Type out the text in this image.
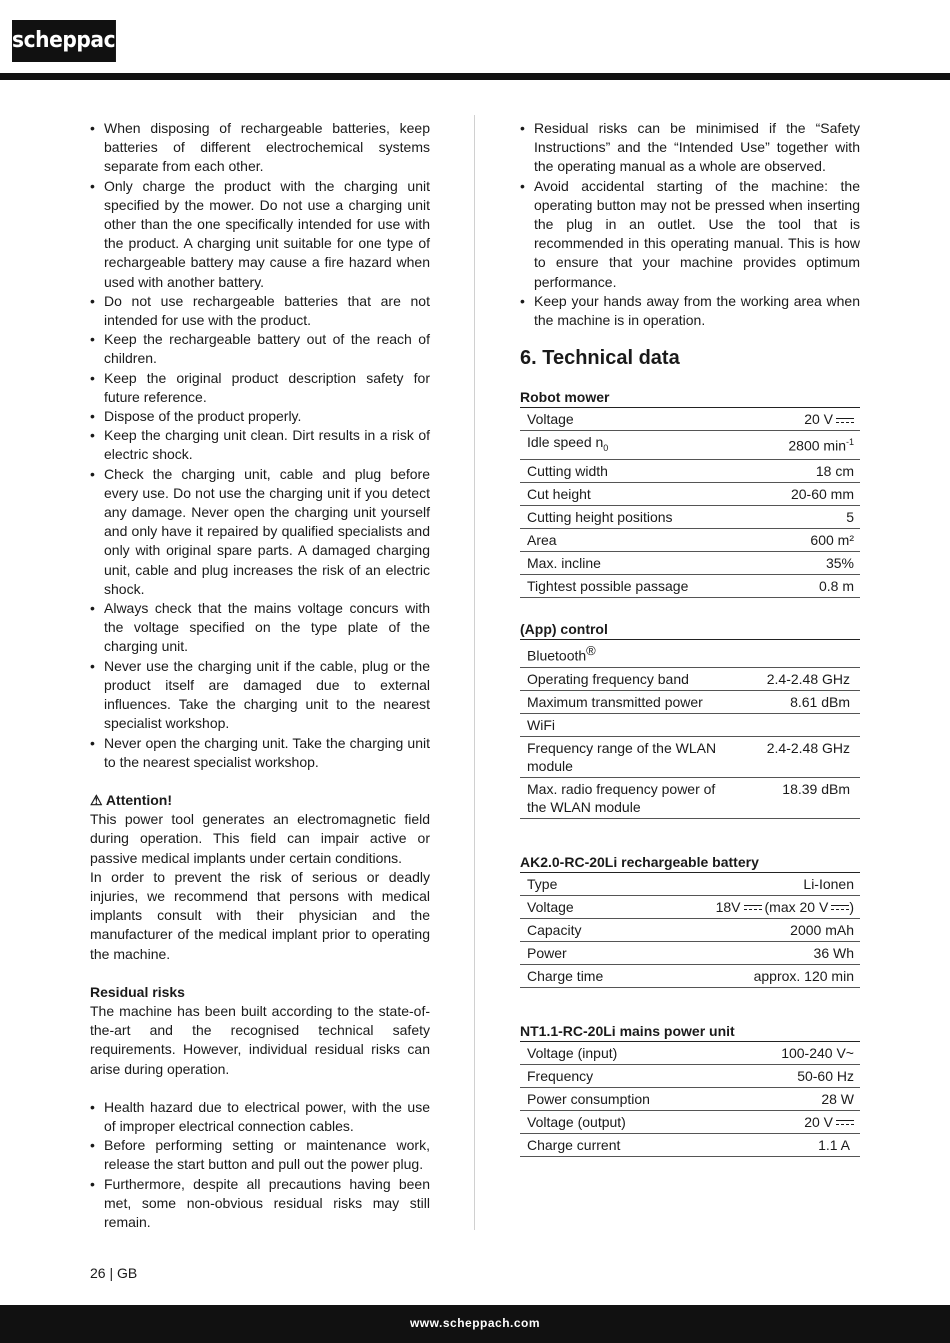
scheppach
• When disposing of rechargeable batteries, keep batteries of different electrochemical systems separate from each other.
• Only charge the product with the charging unit specified by the mower. Do not use a charging unit other than the one specifically intended for use with the product. A charging unit suitable for one type of rechargeable battery may cause a fire hazard when used with another battery.
• Do not use rechargeable batteries that are not intended for use with the product.
• Keep the rechargeable battery out of the reach of children.
• Keep the original product description safety for future reference.
• Dispose of the product properly.
• Keep the charging unit clean. Dirt results in a risk of electric shock.
• Check the charging unit, cable and plug before every use. Do not use the charging unit if you detect any damage. Never open the charging unit yourself and only have it repaired by qualified specialists and only with original spare parts. A damaged charging unit, cable and plug increases the risk of an electric shock.
• Always check that the mains voltage concurs with the voltage specified on the type plate of the charging unit.
• Never use the charging unit if the cable, plug or the product itself are damaged due to external influences. Take the charging unit to the nearest specialist workshop.
• Never open the charging unit. Take the charging unit to the nearest specialist workshop.
⚠ Attention!
This power tool generates an electromagnetic field during operation. This field can impair active or passive medical implants under certain conditions.
In order to prevent the risk of serious or deadly injuries, we recommend that persons with medical implants consult with their physician and the manufacturer of the medical implant prior to operating the machine.
Residual risks
The machine has been built according to the state-of-the-art and the recognised technical safety requirements. However, individual residual risks can arise during operation.
• Health hazard due to electrical power, with the use of improper electrical connection cables.
• Before performing setting or maintenance work, release the start button and pull out the power plug.
• Furthermore, despite all precautions having been met, some non-obvious residual risks may still remain.
• Residual risks can be minimised if the “Safety Instructions” and the “Intended Use” together with the operating manual as a whole are observed.
• Avoid accidental starting of the machine: the operating button may not be pressed when inserting the plug in an outlet. Use the tool that is recommended in this operating manual. This is how to ensure that your machine provides optimum performance.
• Keep your hands away from the working area when the machine is in operation.
6. Technical data
Robot mower
Voltage	20 V
Idle speed $n_0$	2800 $\min^{-1}$
Cutting width	18 cm
Cut height	20-60 mm
Cutting height positions	5
Area	600 m²
Max. incline	35%
Tightest possible passage	0.8 m
(App) control
Bluetooth®
Operating frequency band	2.4-2.48 GHz
Maximum transmitted power	8.61 dBm
WiFi	
Frequency range of the WLAN module	2.4-2.48 GHz
Max. radio frequency power of the WLAN module	18.39 dBm
AK2.0-RC-20Li rechargeable battery
Type	Li-Ionen
Voltage	18V (max 20 V )
Capacity	2000 mAh
Power	36 Wh
Charge time	approx. 120 min
NT1.1-RC-20Li mains power unit
Voltage (input)	100-240 V~
Frequency	50-60 Hz
Power consumption	28 W
Voltage (output)	20 V
Charge current	1.1 A
26 | GB
www.scheppach.com
